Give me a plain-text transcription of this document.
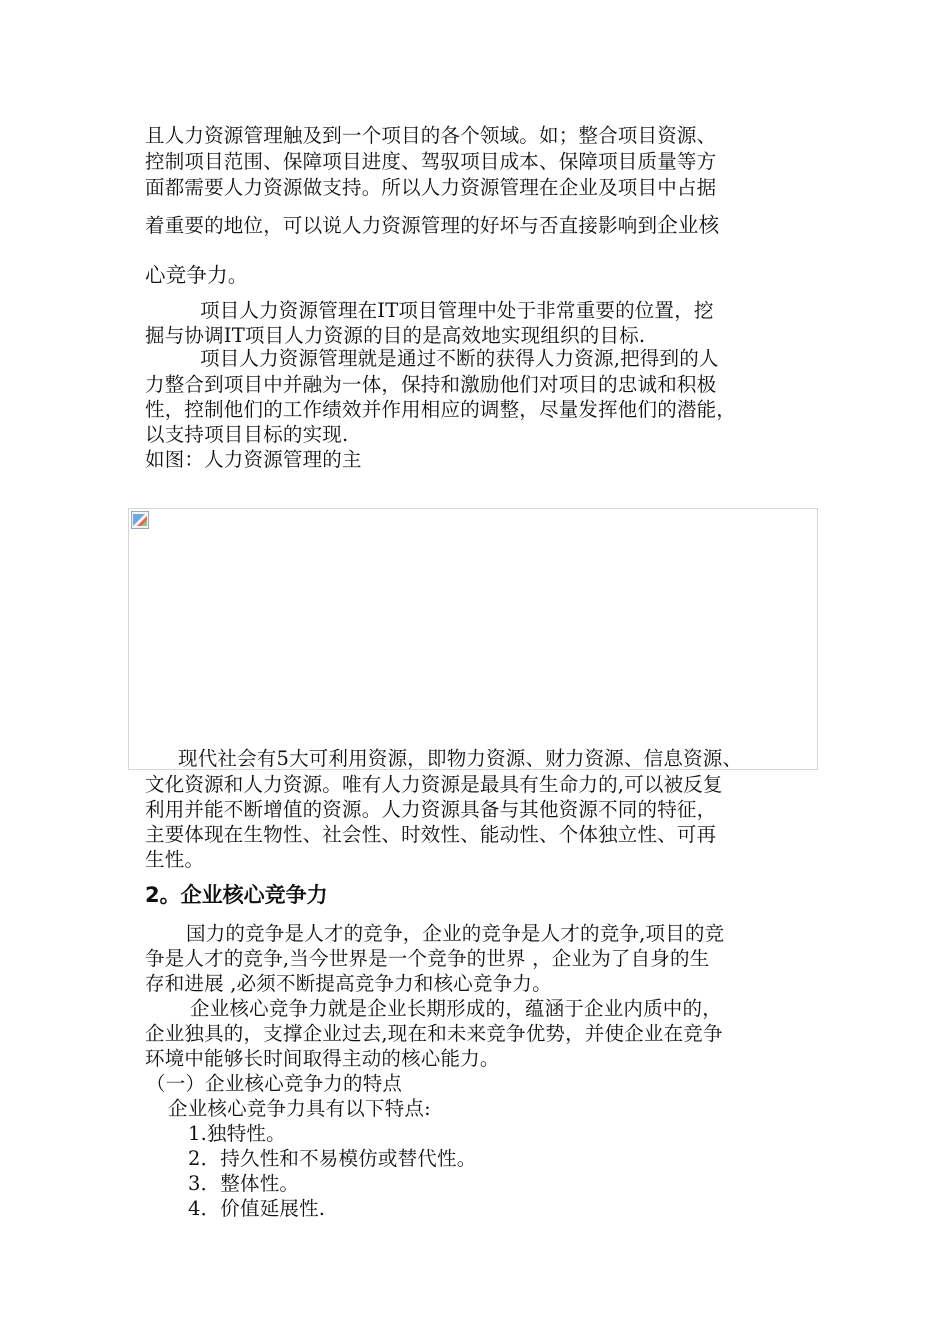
且人力资源管理触及到一个项目的各个领域。如；整合项目资源、
控制项目范围、保障项目进度、驾驭项目成本、保障项目质量等方
面都需要人力资源做支持。所以人力资源管理在企业及项目中占据
着重要的地位，可以说人力资源管理的好坏与否直接影响到企业核
心竞争力。
项目人力资源管理在IT项目管理中处于非常重要的位置，挖
掘与协调IT项目人力资源的目的是高效地实现组织的目标.
项目人力资源管理就是通过不断的获得人力资源,把得到的人
力整合到项目中并融为一体，保持和激励他们对项目的忠诚和积极
性，控制他们的工作绩效并作用相应的调整，尽量发挥他们的潜能，
以支持项目目标的实现.
如图：人力资源管理的主
现代社会有5大可利用资源，即物力资源、财力资源、信息资源、
文化资源和人力资源。唯有人力资源是最具有生命力的,可以被反复
利用并能不断增值的资源。人力资源具备与其他资源不同的特征，
主要体现在生物性、社会性、时效性、能动性、个体独立性、可再
生性。
2。企业核心竞争力
国力的竞争是人才的竞争，企业的竞争是人才的竞争,项目的竞
争是人才的竞争,当今世界是一个竞争的世界 ，企业为了自身的生
存和进展 ,必须不断提高竞争力和核心竞争力。
企业核心竞争力就是企业长期形成的，蕴涵于企业内质中的，
企业独具的，支撑企业过去,现在和未来竞争优势，并使企业在竞争
环境中能够长时间取得主动的核心能力。
（一）企业核心竞争力的特点
企业核心竞争力具有以下特点:
1.独特性。
2．持久性和不易模仿或替代性。
3．整体性。
4．价值延展性.
